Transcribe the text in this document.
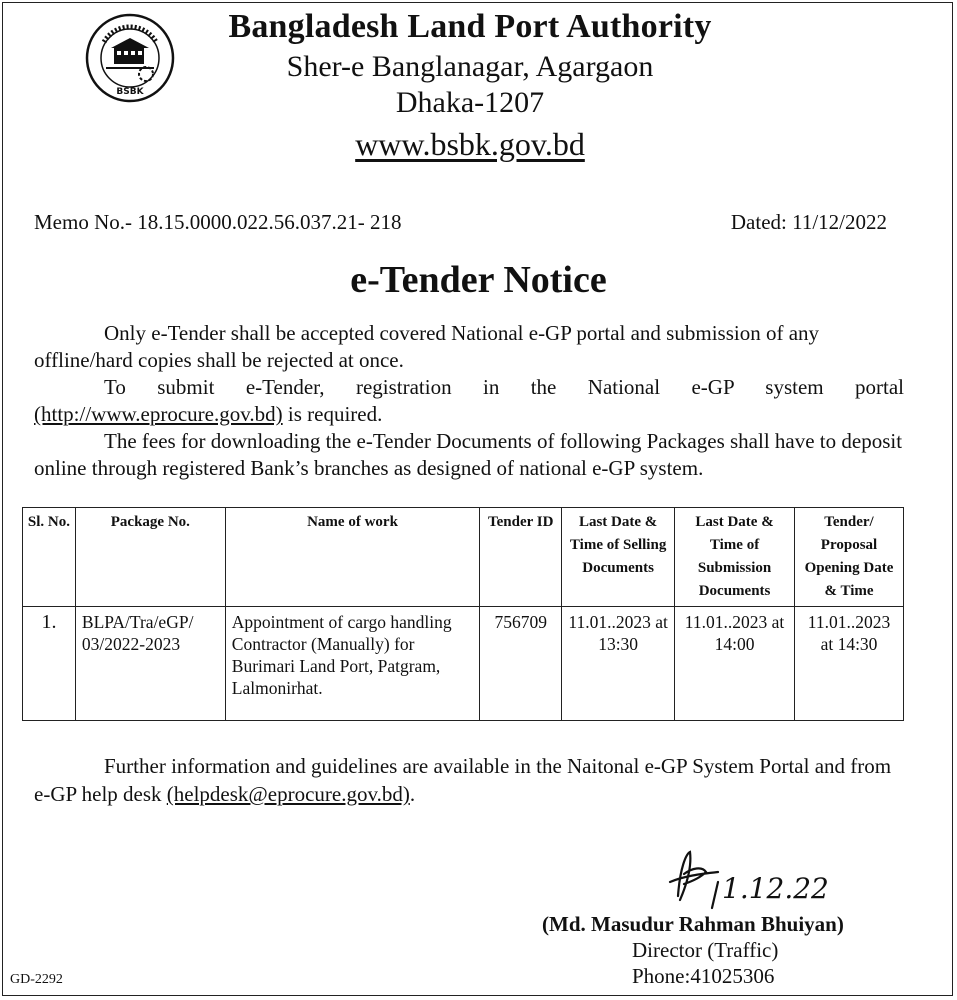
BSBK
Bangladesh Land Port Authority
Sher-e Banglanagar, Agargaon
Dhaka-1207
www.bsbk.gov.bd
Memo No.- 18.15.0000.022.56.037.21- 218	Dated: 11/12/2022
e-Tender Notice
Only e-Tender shall be accepted covered National e-GP portal and submission of any offline/hard copies shall be rejected at once.
To submit e-Tender, registration in the National e-GP system portal
(http://www.eprocure.gov.bd) is required.
The fees for downloading the e-Tender Documents of following Packages shall have to deposit online through registered Bank’s branches as designed of national e-GP system.
Sl. No.	Package No.	Name of work	Tender ID	Last Date & Time of Selling Documents	Last Date & Time of Submission Documents	Tender/ Proposal Opening Date & Time
1.	BLPA/Tra/eGP/ 03/2022-2023	Appointment of cargo handling Contractor (Manually) for Burimari Land Port, Patgram, Lalmonirhat.	756709	11.01..2023 at 13:30	11.01..2023 at 14:00	11.01..2023 at 14:30
Further information and guidelines are available in the Naitonal e-GP System Portal and from e-GP help desk (helpdesk@eprocure.gov.bd).
1.12.22
(Md. Masudur Rahman Bhuiyan)
Director (Traffic)
Phone:41025306
GD-2292
